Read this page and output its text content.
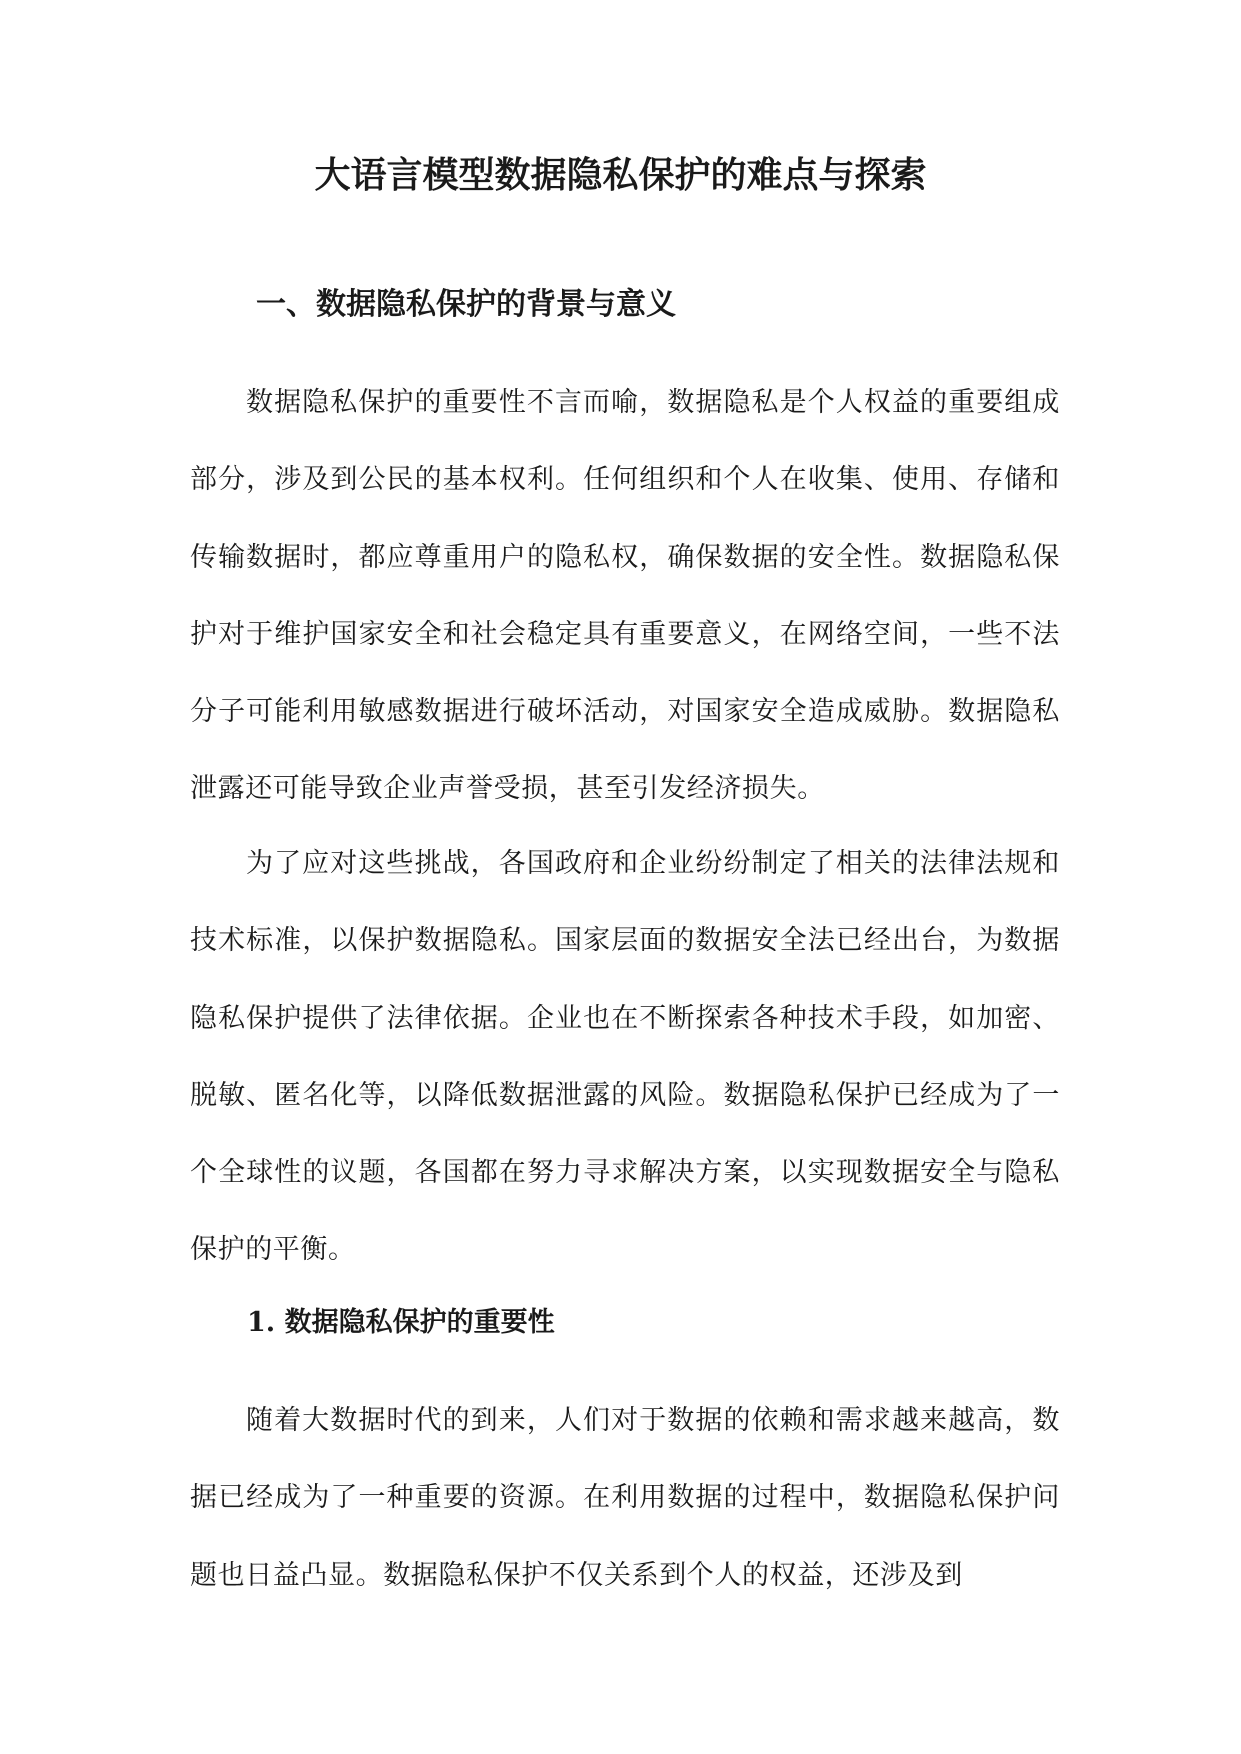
大语言模型数据隐私保护的难点与探索
一、数据隐私保护的背景与意义

数据隐私保护的重要性不言而喻，数据隐私是个人权益的重要组成部分，涉及到公民的基本权利。任何组织和个人在收集、使用、存储和传输数据时，都应尊重用户的隐私权，确保数据的安全性。数据隐私保护对于维护国家安全和社会稳定具有重要意义，在网络空间，一些不法分子可能利用敏感数据进行破坏活动，对国家安全造成威胁。数据隐私泄露还可能导致企业声誉受损，甚至引发经济损失。

为了应对这些挑战，各国政府和企业纷纷制定了相关的法律法规和技术标准，以保护数据隐私。国家层面的数据安全法已经出台，为数据隐私保护提供了法律依据。企业也在不断探索各种技术手段，如加密、脱敏、匿名化等，以降低数据泄露的风险。数据隐私保护已经成为了一个全球性的议题，各国都在努力寻求解决方案，以实现数据安全与隐私保护的平衡。

1. 数据隐私保护的重要性

随着大数据时代的到来，人们对于数据的依赖和需求越来越高，数据已经成为了一种重要的资源。在利用数据的过程中，数据隐私保护问题也日益凸显。数据隐私保护不仅关系到个人的权益，还涉及到
